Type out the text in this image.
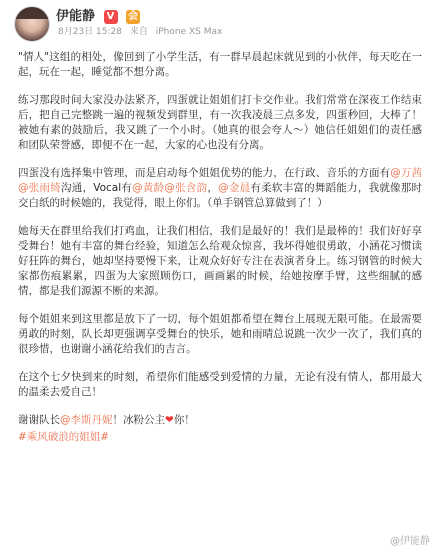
伊能静 V 会
8月23日 15:28 来自 iPhone XS Max

"情人"这组的相处，像回到了小学生活，有一群早晨起床就见到的小伙伴，每天吃在一起，玩在一起，睡觉都不想分离。

练习那段时间大家没办法紧齐，四蛋就让姐姐们打卡交作业。我们常常在深夜工作结束后，把自己完整跳一遍的视频发到群里，有一次我凌晨三点多发，四蛋秒回，大棒了！被她有素的鼓励后，我又跳了一个小时。（她真的很会夸人～）她信任姐姐们的责任感和团队荣誉感，即便不在一起，大家的心也没有分离。

四蛋没有选择集中管理，而是启动每个姐姐优势的能力，在行政、音乐的方面有@万茜@张雨绮沟通，Vocal有@黄龄@张含韵，@金晨有柔软丰富的舞蹈能力，我就像那时交白纸的时候她的，我觉得，眼上你们。（单手钢管总算做到了！）

她每天在群里给我们打鸡血，让我们相信，我们是最好的！我们是最棒的！我们好好享受舞台！她有丰富的舞台经验，知道怎么给观众惊喜，我坏得她很勇敢，小涵花习惯读好狂阵的舞台，她却坚持要慢下来，让观众好好专注在表演者身上。练习钢管的时候大家都伤痕累累，四蛋为大家照顾伤口，画画累的时候，给她按摩手臂，这些细腻的感情，都是我们源源不断的来源。

每个姐姐来到这里都是放下了一切，每个姐姐都希望在舞台上展现无限可能。在最需要勇敢的时刻，队长却更强调享受舞台的快乐，她和雨晴总说跳一次少一次了，我们真的很珍惜，也谢谢小涵花给我们的吉言。

在这个七夕快到来的时刻，希望你们能感受到爱情的力量，无论有没有情人，都用最大的温柔去爱自己！

谢谢队长@李斯丹妮！冰粉公主❤你！

#乘风破浪的姐姐#

@伊能静
